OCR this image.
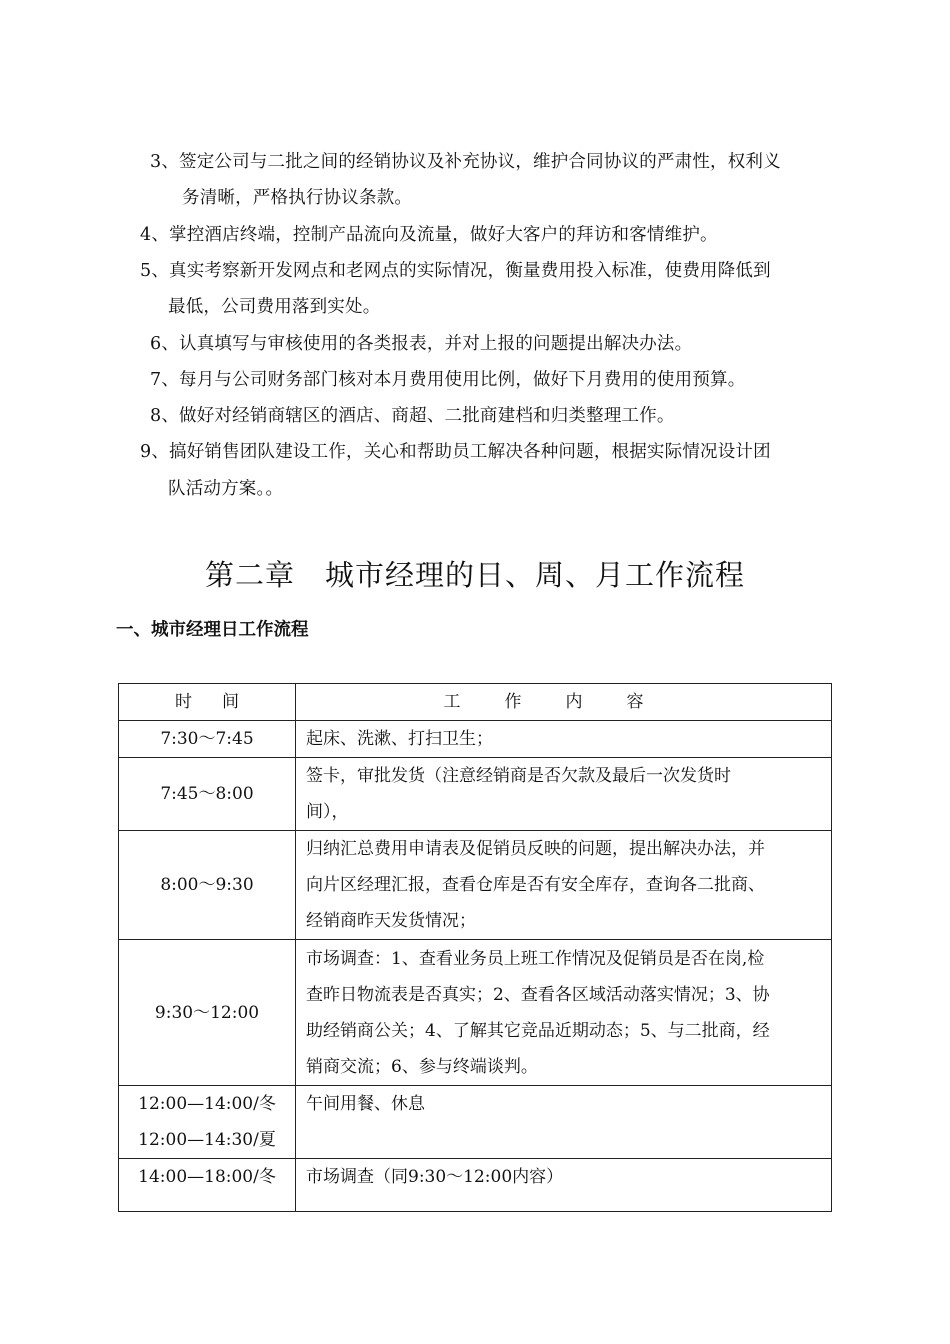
3、签定公司与二批之间的经销协议及补充协议，维护合同协议的严肃性，权利义
务清晰，严格执行协议条款。
4、掌控酒店终端，控制产品流向及流量，做好大客户的拜访和客情维护。
5、真实考察新开发网点和老网点的实际情况，衡量费用投入标准，使费用降低到
最低，公司费用落到实处。
6、认真填写与审核使用的各类报表，并对上报的问题提出解决办法。
7、每月与公司财务部门核对本月费用使用比例，做好下月费用的使用预算。
8、做好对经销商辖区的酒店、商超、二批商建档和归类整理工作。
9、搞好销售团队建设工作，关心和帮助员工解决各种问题，根据实际情况设计团
队活动方案。。
第二章　城市经理的日、周、月工作流程
一、城市经理日工作流程
时间	工作内容

7:30～7:45	起床、洗漱、打扫卫生；

7:45～8:00	签卡，审批发货（注意经销商是否欠款及最后一次发货时
间），

8:00～9:30	归纳汇总费用申请表及促销员反映的问题，提出解决办法，并
向片区经理汇报，查看仓库是否有安全库存，查询各二批商、
经销商昨天发货情况；

9:30～12:00	市场调查：1、查看业务员上班工作情况及促销员是否在岗,检
查昨日物流表是否真实；2、查看各区域活动落实情况；3、协
助经销商公关；4、了解其它竞品近期动态；5、与二批商，经
销商交流；6、参与终端谈判。

12:00—14:00/冬
12:00—14:30/夏	午间用餐、休息

14:00—18:00/冬	市场调查（同9:30～12:00内容）
